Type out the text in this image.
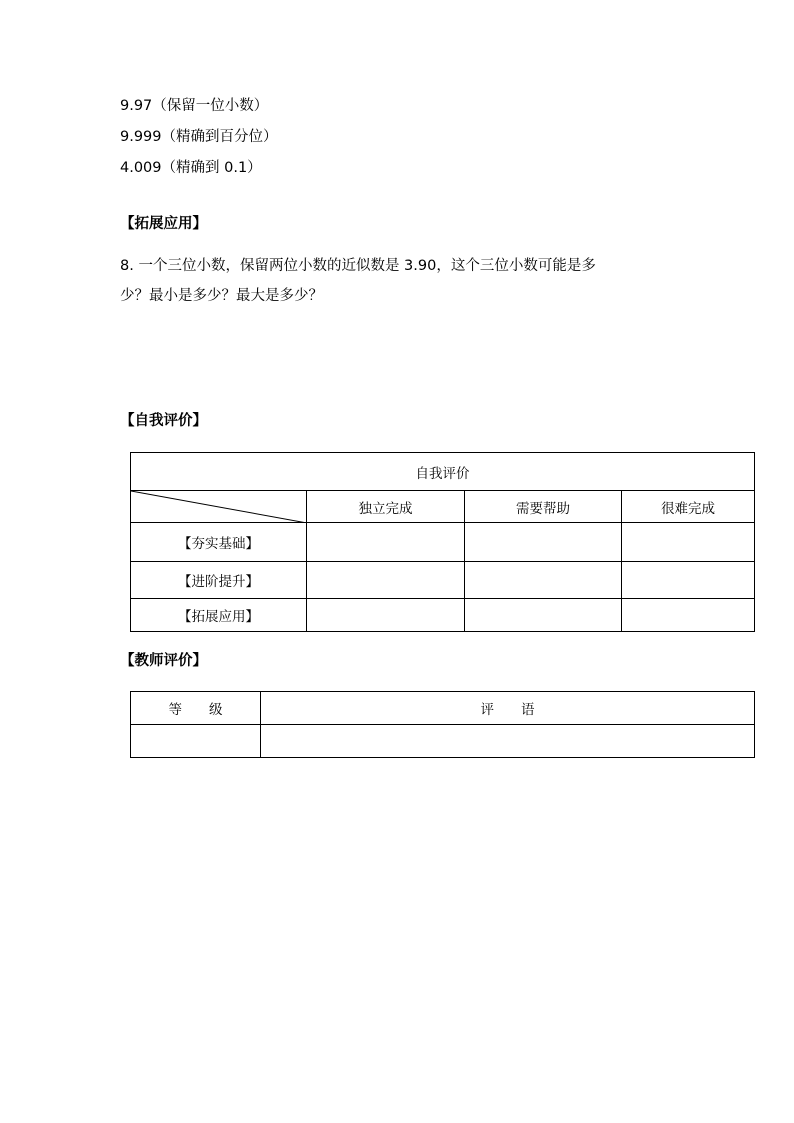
9.97（保留一位小数）
9.999（精确到百分位）
4.009（精确到 0.1）
【拓展应用】
8. 一个三位小数，保留两位小数的近似数是 3.90，这个三位小数可能是多
少？最小是多少？最大是多少？
【自我评价】
自我评价			

	独立完成	需要帮助	很难完成
【夯实基础】			
【进阶提升】			
【拓展应用】			
【教师评价】
等　　级	评　　语
